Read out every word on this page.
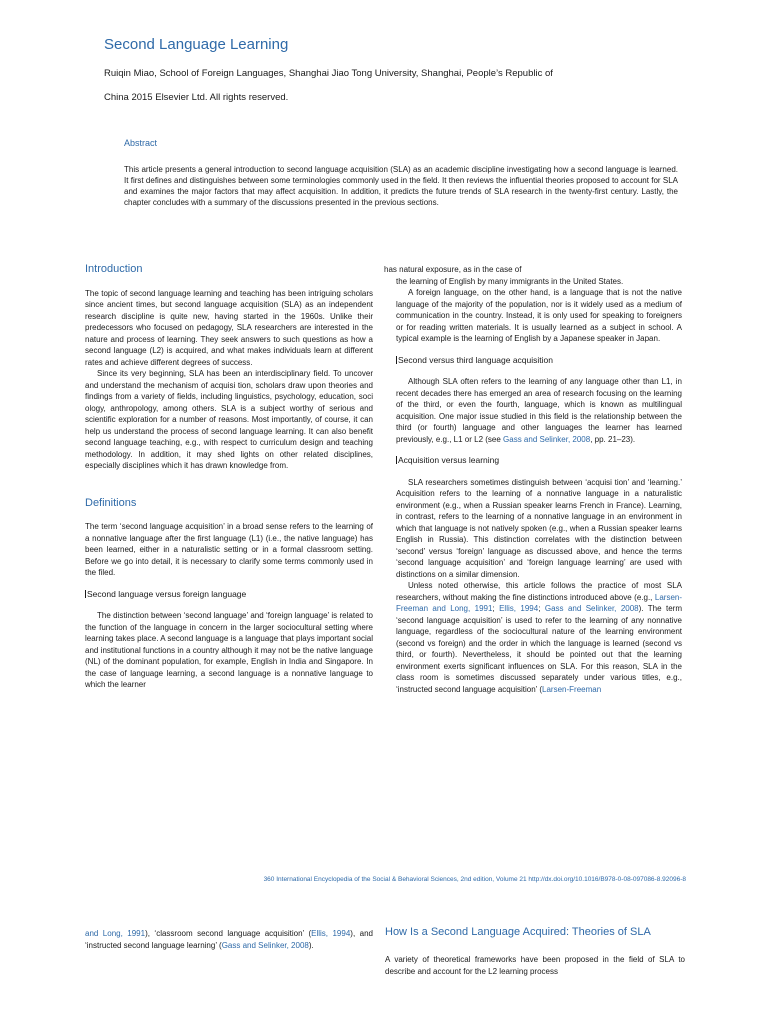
Second Language Learning
Ruiqin Miao, School of Foreign Languages, Shanghai Jiao Tong University, Shanghai, People’s Republic of
China 2015 Elsevier Ltd. All rights reserved.
Abstract
This article presents a general introduction to second language acquisition (SLA) as an academic discipline investigating how a second language is learned. It first defines and distinguishes between some terminologies commonly used in the field. It then reviews the influential theories proposed to account for SLA and examines the major factors that may affect acquisition. In addition, it predicts the future trends of SLA research in the twenty-first century. Lastly, the chapter concludes with a summary of the discussions presented in the previous sections.
Introduction

The topic of second language learning and teaching has been intriguing scholars since ancient times, but second language acquisition (SLA) as an independent research discipline is quite new, having started in the 1960s. Unlike their predecessors who focused on pedagogy, SLA researchers are interested in the nature and process of learning. They seek answers to such questions as how a second language (L2) is acquired, and what makes individuals learn at different rates and achieve different degrees of success.

Since its very beginning, SLA has been an interdisciplinary field. To uncover and understand the mechanism of acquisi tion, scholars draw upon theories and findings from a variety of fields, including linguistics, psychology, education, soci ology, anthropology, among others. SLA is a subject worthy of serious and scientific exploration for a number of reasons. Most importantly, of course, it can help us understand the process of second language learning. It can also benefit second language teaching, e.g., with respect to curriculum design and teaching methodology. In addition, it may shed lights on other related disciplines, especially disciplines which it has drawn knowledge from.

Definitions

The term ‘second language acquisition’ in a broad sense refers to the learning of a nonnative language after the first language (L1) (i.e., the native language) has been learned, either in a naturalistic setting or in a formal classroom setting. Before we go into detail, it is necessary to clarify some terms commonly used in the filed.

Second language versus foreign language

The distinction between ‘second language’ and ‘foreign language’ is related to the function of the language in concern in the larger sociocultural setting where learning takes place. A second language is a language that plays important social and institutional functions in a country although it may not be the native language (NL) of the dominant population, for example, English in India and Singapore. In the case of language learning, a second language is a nonnative language to which the learner

has natural exposure, as in the case of

the learning of English by many immigrants in the United States.

A foreign language, on the other hand, is a language that is not the native language of the majority of the population, nor is it widely used as a medium of communication in the country. Instead, it is only used for speaking to foreigners or for reading written materials. It is usually learned as a subject in school. A typical example is the learning of English by a Japanese speaker in Japan.

Second versus third language acquisition

Although SLA often refers to the learning of any language other than L1, in recent decades there has emerged an area of research focusing on the learning of the third, or even the fourth, language, which is known as multilingual acquisition. One major issue studied in this field is the relationship between the third (or fourth) language and other languages the learner has learned previously, e.g., L1 or L2 (see Gass and Selinker, 2008, pp. 21–23).

Acquisition versus learning

SLA researchers sometimes distinguish between ‘acquisi tion’ and ‘learning.’ Acquisition refers to the learning of a nonnative language in a naturalistic environment (e.g., when a Russian speaker learns French in France). Learning, in contrast, refers to the learning of a nonnative language in an environment in which that language is not natively spoken (e.g., when a Russian speaker learns English in Russia). This distinction correlates with the distinction between ‘second’ versus ‘foreign’ language as discussed above, and hence the terms ‘second language acquisition’ and ‘foreign language learning’ are used with distinctions on a similar dimension.

Unless noted otherwise, this article follows the practice of most SLA researchers, without making the fine distinctions introduced above (e.g., Larsen-Freeman and Long, 1991; Ellis, 1994; Gass and Selinker, 2008). The term ‘second language acquisition’ is used to refer to the learning of any nonnative language, regardless of the sociocultural nature of the learning environment (second vs foreign) and the order in which the language is learned (second vs third, or fourth). Nevertheless, it should be pointed out that the learning environment exerts significant influences on SLA. For this reason, SLA in the class room is sometimes discussed separately under various titles, e.g., ‘instructed second language acquisition’ (Larsen-Freeman

360 International Encyclopedia of the Social & Behavioral Sciences, 2nd edition, Volume 21 http://dx.doi.org/10.1016/B978-0-08-097086-8.92096-8

and Long, 1991), ‘classroom second language acquisition’ (Ellis, 1994), and ‘instructed second language learning’ (Gass and Selinker, 2008).

How Is a Second Language Acquired: Theories of SLA

A variety of theoretical frameworks have been proposed in the field of SLA to describe and account for the L2 learning process
